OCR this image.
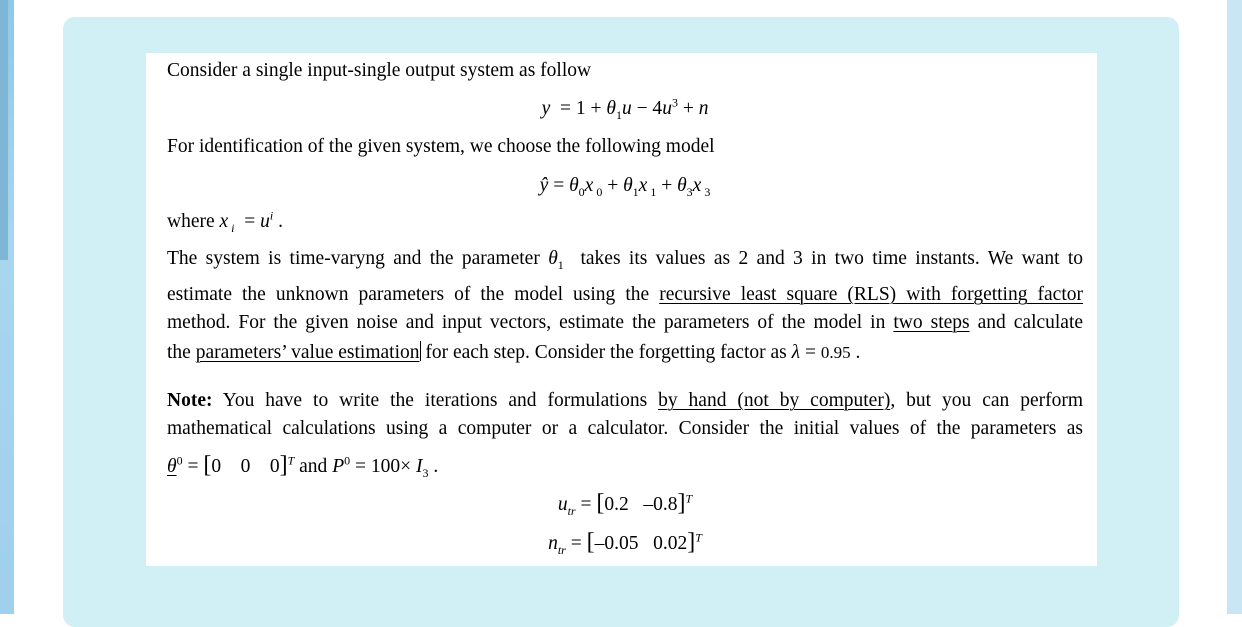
Consider a single input-single output system as follow
$y = 1 + \theta_1u - 4u^3 + n$
For identification of the given system, we choose the following model
ŷ = $\theta_0x$ $_0 + \theta_1x$ $_1 + \theta_3x$ $_3$
where x $_i = u^i$ .
The system is time-varyng and the parameter $\theta_1$ takes its values as 2 and 3 in two time instants. We want to
estimate the unknown parameters of the model using the recursive least square (RLS) with forgetting factor
method. For the given noise and input vectors, estimate the parameters of the model in two steps and calculate
the parameters’ value estimation for each step. Consider the forgetting factor as λ = 0.95 .
Note: You have to write the iterations and formulations by hand (not by computer), but you can perform
mathematical calculations using a computer or a calculator. Consider the initial values of the parameters as
$\theta^0 = [0$    0    0]$^T$ and $P^0 = 100\times I_3$ .
$u_{tr} = [0.2$ –0.8]$^T$
$n_{tr} = [-0.05$ 0.02]$^T$
